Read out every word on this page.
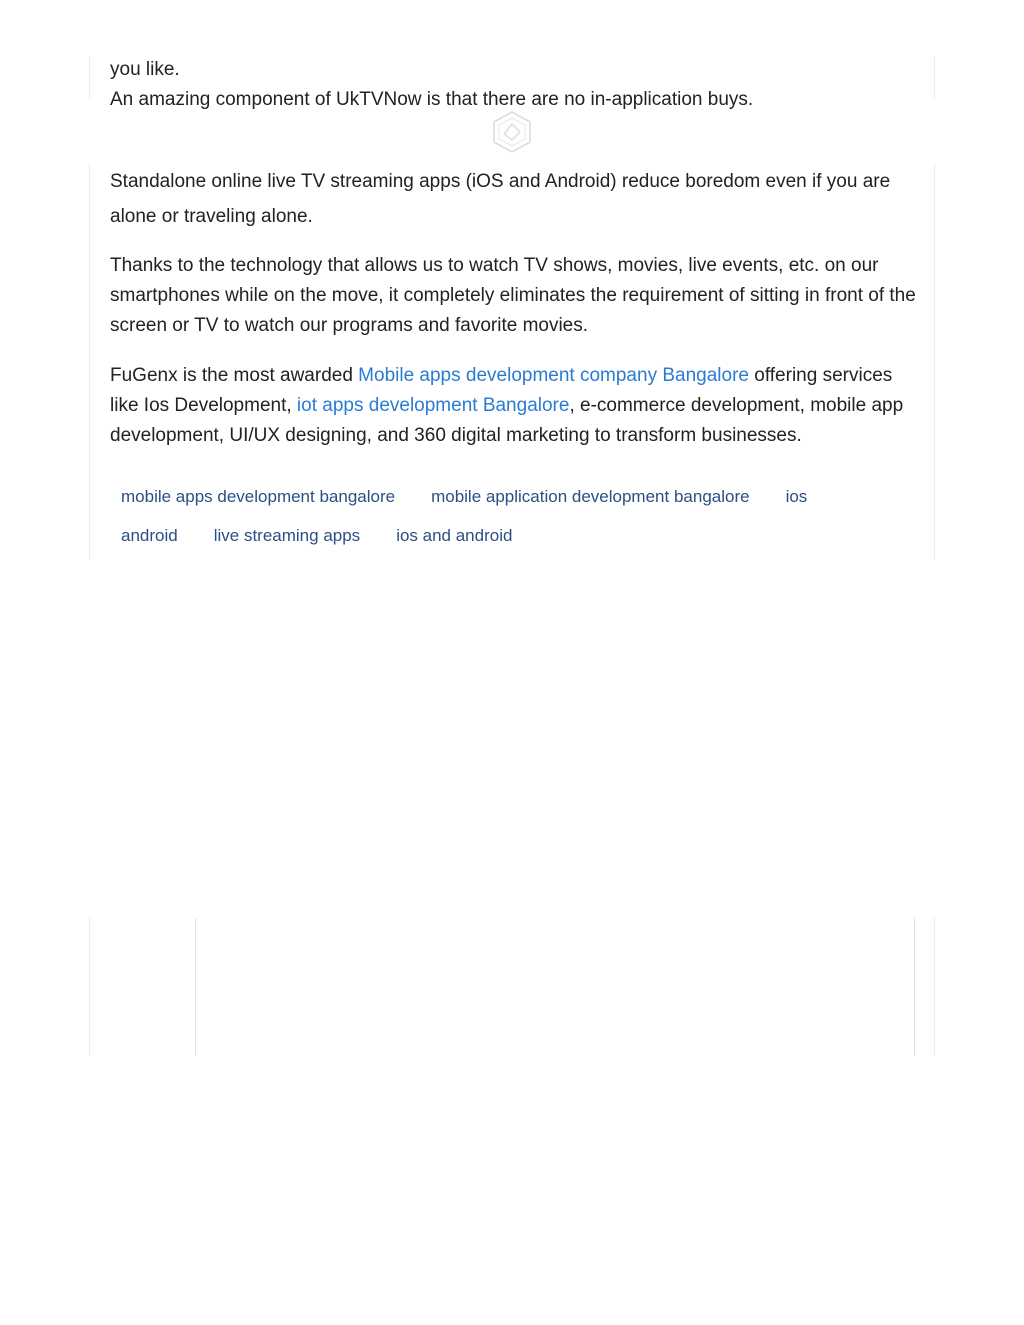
you like.

An amazing component of UkTVNow is that there are no in-application buys.

Standalone online live TV streaming apps (iOS and Android) reduce boredom even if you are alone or traveling alone.

Thanks to the technology that allows us to watch TV shows, movies, live events, etc. on our smartphones while on the move, it completely eliminates the requirement of sitting in front of the screen or TV to watch our programs and favorite movies.

FuGenx is the most awarded Mobile apps development company Bangalore offering services like Ios Development, iot apps development Bangalore, e-commerce development, mobile app development, UI/UX designing, and 360 digital marketing to transform businesses.

mobile apps development bangalore mobile application development bangalore ios
android live streaming apps ios and android
